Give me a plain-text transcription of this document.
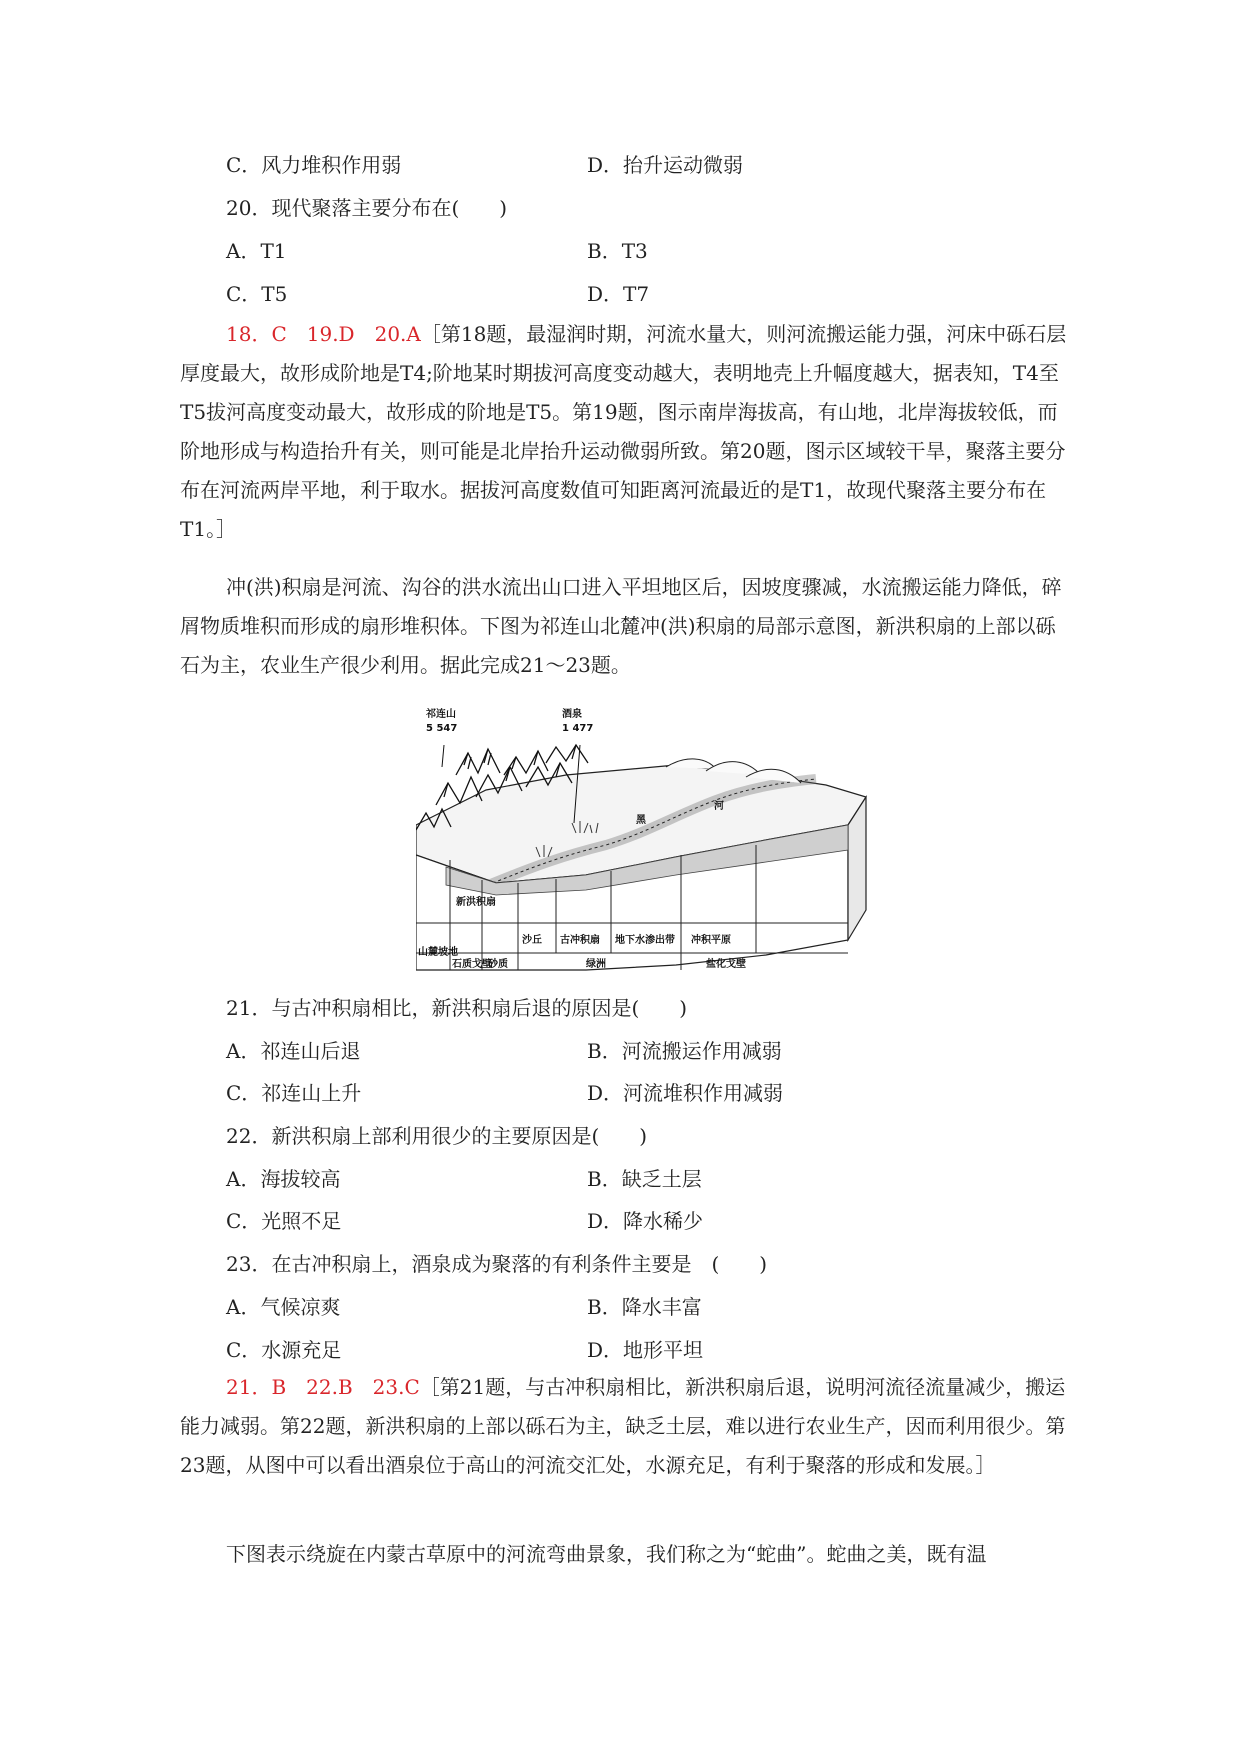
C．风力堆积作用弱	D．抬升运动微弱
20．现代聚落主要分布在(　　)
A．T1	B．T3
C．T5	D．T7
18．C　19.D　20.A［第18题，最湿润时期，河流水量大，则河流搬运能力强，河床中砾石层厚度最大，故形成阶地是T4;阶地某时期拔河高度变动越大，表明地壳上升幅度越大，据表知，T4至T5拔河高度变动最大，故形成的阶地是T5。第19题，图示南岸海拔高，有山地，北岸海拔较低，而阶地形成与构造抬升有关，则可能是北岸抬升运动微弱所致。第20题，图示区域较干旱，聚落主要分布在河流两岸平地，利于取水。据拔河高度数值可知距离河流最近的是T1，故现代聚落主要分布在T1。］
冲(洪)积扇是河流、沟谷的洪水流出山口进入平坦地区后，因坡度骤减，水流搬运能力降低，碎屑物质堆积而形成的扇形堆积体。下图为祁连山北麓冲(洪)积扇的局部示意图，新洪积扇的上部以砾石为主，农业生产很少利用。据此完成21～23题。
祁连山
5 547
酒泉
1 477
黑
河
新洪积扇
沙丘 古冲积扇 地下水渗出带 冲积平原
山麓坡地
石质戈壁
砂质	绿洲	盐化戈壁
21．与古冲积扇相比，新洪积扇后退的原因是(　　)
A．祁连山后退	B．河流搬运作用减弱
C．祁连山上升	D．河流堆积作用减弱
22．新洪积扇上部利用很少的主要原因是(　　)
A．海拔较高	B．缺乏土层
C．光照不足	D．降水稀少
23．在古冲积扇上，酒泉成为聚落的有利条件主要是　(　　)
A．气候凉爽	B．降水丰富
C．水源充足	D．地形平坦
21．B　22.B　23.C［第21题，与古冲积扇相比，新洪积扇后退，说明河流径流量减少，搬运能力减弱。第22题，新洪积扇的上部以砾石为主，缺乏土层，难以进行农业生产，因而利用很少。第23题，从图中可以看出酒泉位于高山的河流交汇处，水源充足，有利于聚落的形成和发展。］
下图表示绕旋在内蒙古草原中的河流弯曲景象，我们称之为“蛇曲”。蛇曲之美，既有温
